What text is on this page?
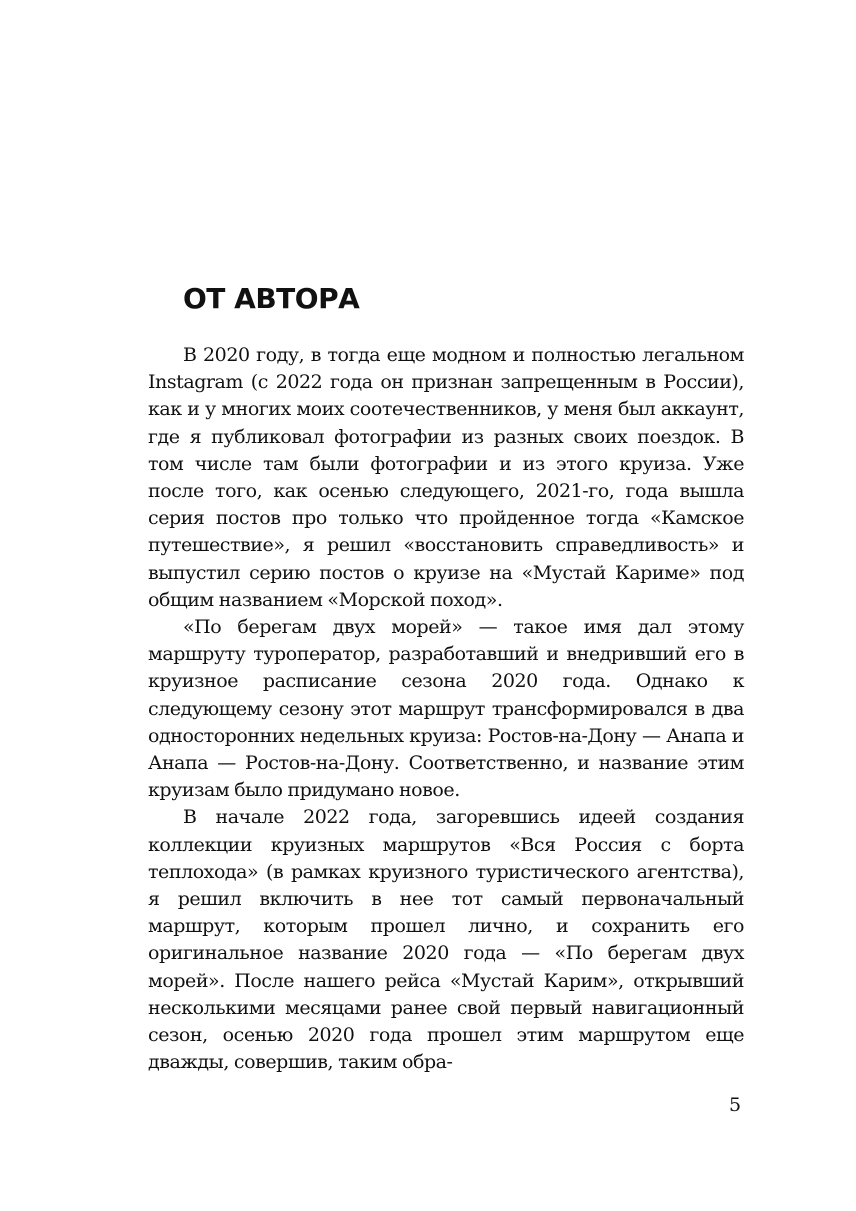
ОТ АВТОРА

В 2020 году, в тогда еще модном и полностью легальном Instagram (с 2022 года он признан запрещенным в России), как и у многих моих соотечественников, у меня был аккаунт, где я публиковал фотографии из разных своих поездок. В том числе там были фотографии и из этого круиза. Уже после того, как осенью следующего, 2021-го, года вышла серия постов про только что пройденное тогда «Камское путешествие», я решил «восстановить справедливость» и выпустил серию постов о круизе на «Мустай Кариме» под общим названием «Морской поход».

«По берегам двух морей» — такое имя дал этому маршруту туроператор, разработавший и внедривший его в круизное расписание сезона 2020 года. Однако к следующему сезону этот маршрут трансформировался в два односторонних недельных круиза: Ростов-на-Дону — Анапа и Анапа — Ростов-на-Дону. Соответственно, и название этим круизам было придумано новое.

В начале 2022 года, загоревшись идеей создания коллекции круизных маршрутов «Вся Россия с борта теплохода» (в рамках круизного туристического агентства), я решил включить в нее тот самый первоначальный маршрут, которым прошел лично, и сохранить его оригинальное название 2020 года — «По берегам двух морей». После нашего рейса «Мустай Карим», открывший несколькими месяцами ранее свой первый навигационный сезон, осенью 2020 года прошел этим маршрутом еще дважды, совершив, таким обра-

5
